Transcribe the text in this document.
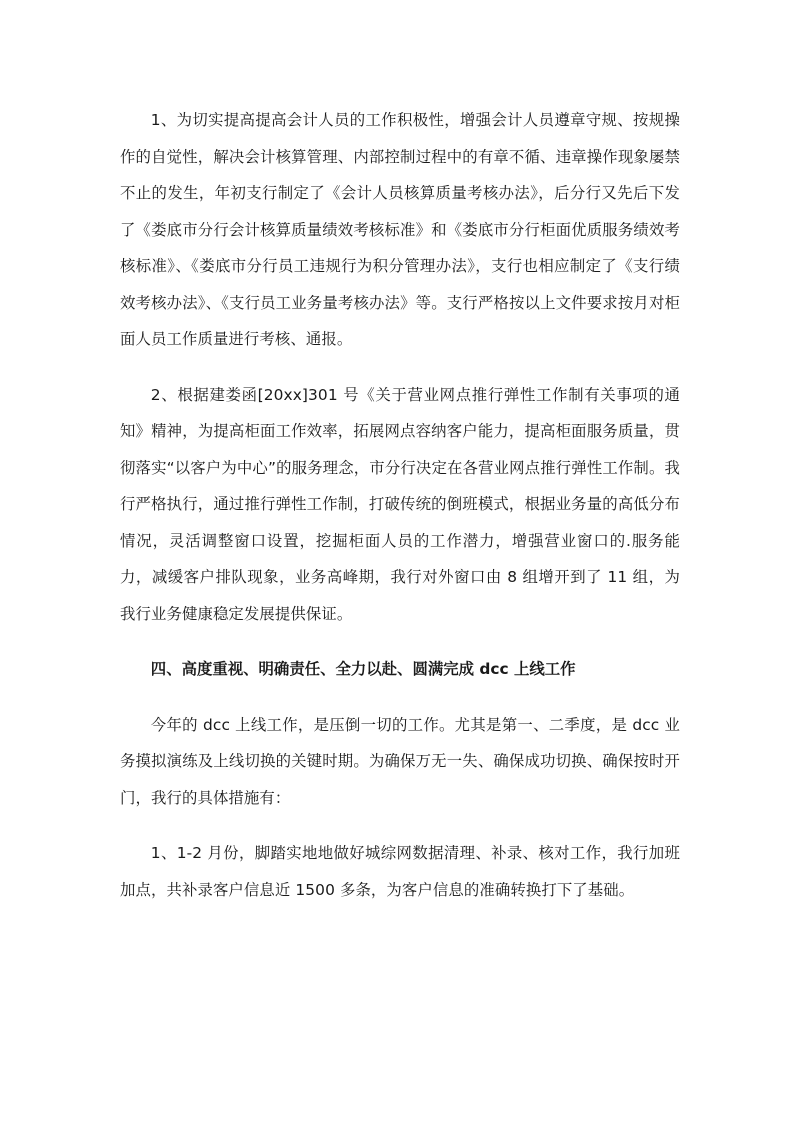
1、为切实提高提高会计人员的工作积极性，增强会计人员遵章守规、按规操作的自觉性，解决会计核算管理、内部控制过程中的有章不循、违章操作现象屡禁不止的发生，年初支行制定了《会计人员核算质量考核办法》，后分行又先后下发了《娄底市分行会计核算质量绩效考核标准》和《娄底市分行柜面优质服务绩效考核标准》、《娄底市分行员工违规行为积分管理办法》，支行也相应制定了《支行绩效考核办法》、《支行员工业务量考核办法》等。支行严格按以上文件要求按月对柜面人员工作质量进行考核、通报。

2、根据建娄函[20xx]301 号《关于营业网点推行弹性工作制有关事项的通知》精神，为提高柜面工作效率，拓展网点容纳客户能力，提高柜面服务质量，贯彻落实“以客户为中心”的服务理念，市分行决定在各营业网点推行弹性工作制。我行严格执行，通过推行弹性工作制，打破传统的倒班模式，根据业务量的高低分布情况，灵活调整窗口设置，挖掘柜面人员的工作潜力，增强营业窗口的.服务能力，减缓客户排队现象，业务高峰期，我行对外窗口由 8 组增开到了 11 组，为我行业务健康稳定发展提供保证。

四、高度重视、明确责任、全力以赴、圆满完成 dcc 上线工作

今年的 dcc 上线工作，是压倒一切的工作。尤其是第一、二季度，是 dcc 业务摸拟演练及上线切换的关键时期。为确保万无一失、确保成功切换、确保按时开门，我行的具体措施有：

1、1-2 月份，脚踏实地地做好城综网数据清理、补录、核对工作，我行加班加点，共补录客户信息近 1500 多条，为客户信息的准确转换打下了基础。
